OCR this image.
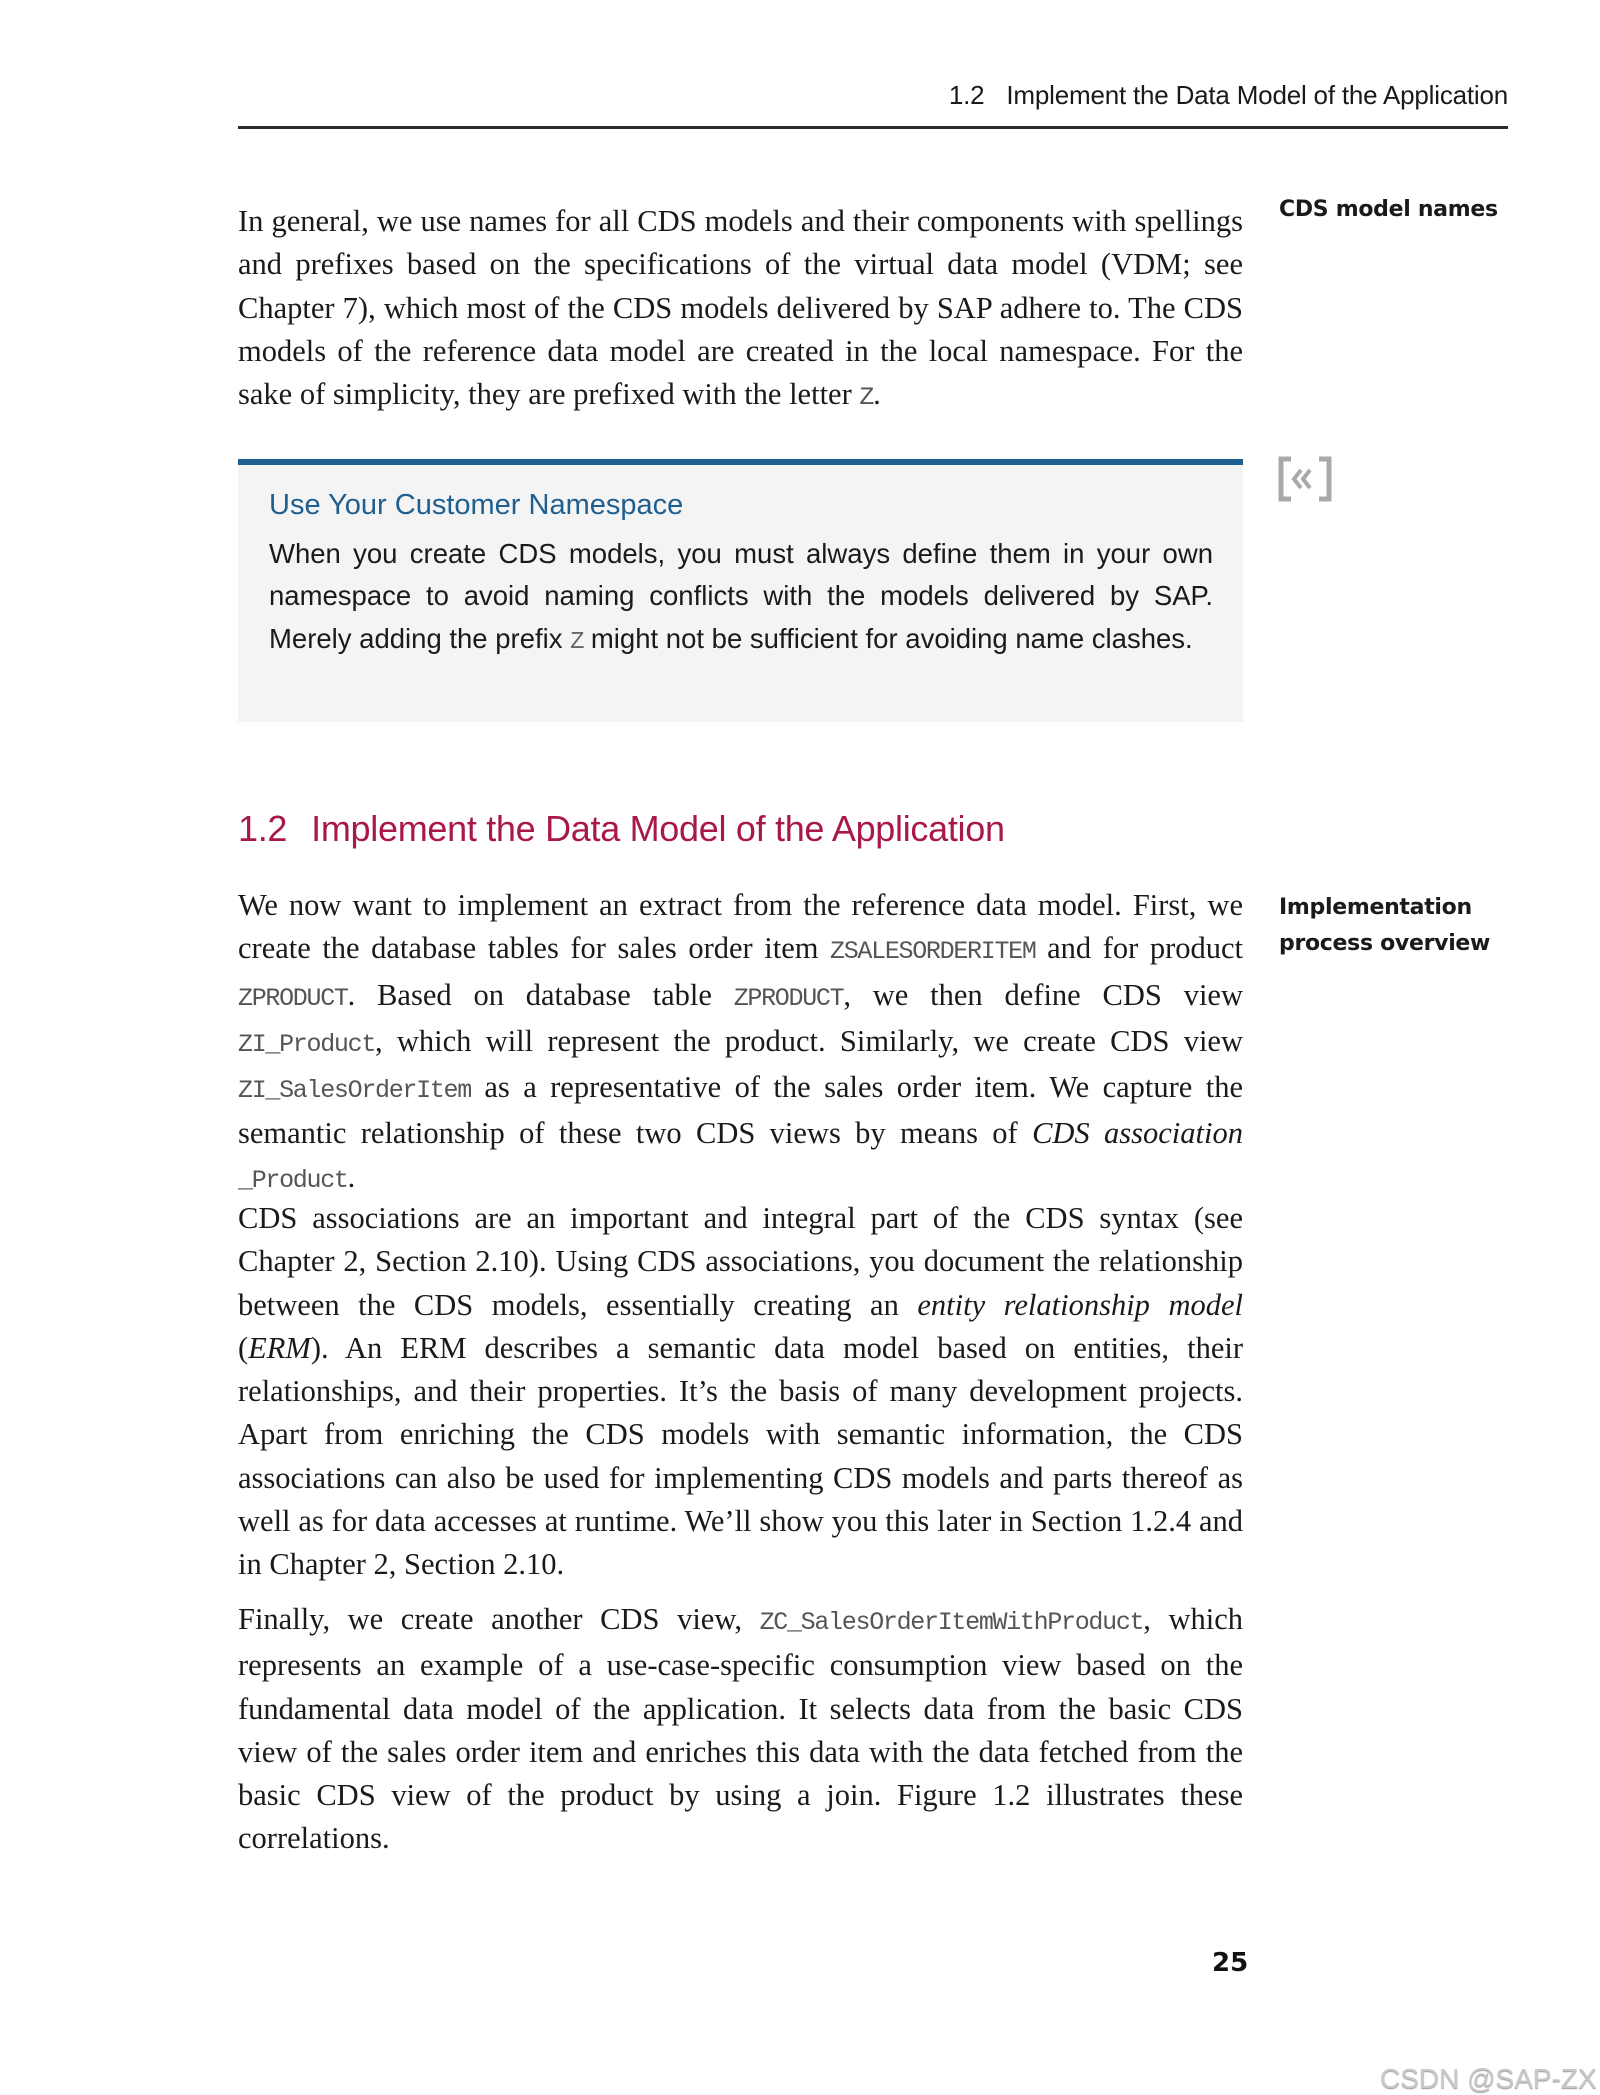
1.2 Implement the Data Model of the Application

In general, we use names for all CDS models and their components with spellings and prefixes based on the specifications of the virtual data model (VDM; see Chapter 7), which most of the CDS models delivered by SAP adhere to. The CDS models of the reference data model are created in the local namespace. For the sake of simplicity, they are prefixed with the letter Z.

CDS model names
Use Your Customer Namespace

When you create CDS models, you must always define them in your own namespace to avoid naming conflicts with the models delivered by SAP. Merely adding the prefix Z might not be sufficient for avoiding name clashes.

1.2 Implement the Data Model of the Application

We now want to implement an extract from the reference data model. First, we create the database tables for sales order item ZSALESORDERITEM and for product ZPRODUCT. Based on database table ZPRODUCT, we then define CDS view ZI_Product, which will represent the product. Similarly, we create CDS view ZI_SalesOrderItem as a representative of the sales order item. We capture the semantic relationship of these two CDS views by means of CDS association _Product.

Implementation
process overview

CDS associations are an important and integral part of the CDS syntax (see Chapter 2, Section 2.10). Using CDS associations, you document the relationship between the CDS models, essentially creating an entity relationship model (ERM). An ERM describes a semantic data model based on entities, their relationships, and their properties. It’s the basis of many development projects. Apart from enriching the CDS models with semantic information, the CDS associations can also be used for implementing CDS models and parts thereof as well as for data accesses at runtime. We’ll show you this later in Section 1.2.4 and in Chapter 2, Section 2.10.

Finally, we create another CDS view, ZC_SalesOrderItemWithProduct, which represents an example of a use-case-specific consumption view based on the fundamental data model of the application. It selects data from the basic CDS view of the sales order item and enriches this data with the data fetched from the basic CDS view of the product by using a join. Figure 1.2 illustrates these correlations.

25
CSDN @SAP-ZX
